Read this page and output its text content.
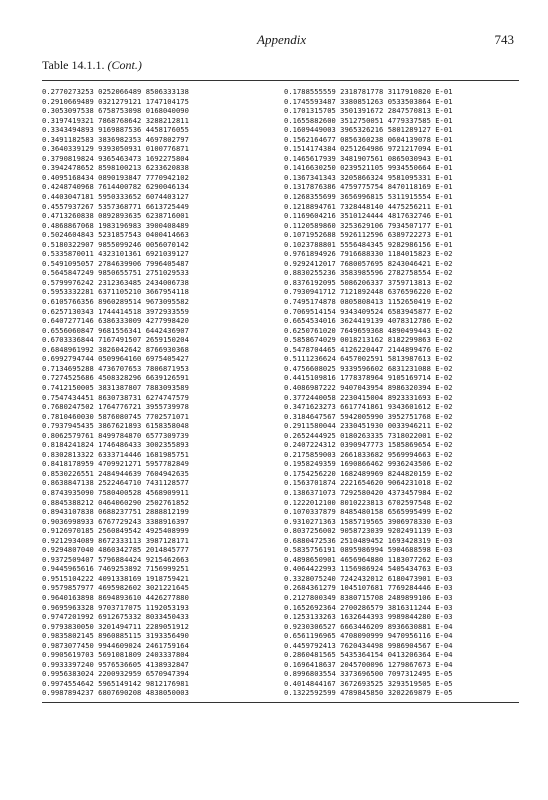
Appendix	743
Table 14.1.1. (Cont.)
0.2770273253 0252066489 8506333138
0.2910669489 0321279121 1747104175
0.3053097538 6758753098 0168040090
0.3197419321 7868768642 3288212811
0.3343494893 9169887536 4458176055
0.3491182583 3836982353 4697802797
0.3640339129 9393050931 0100776871
0.3790819824 9365463473 1692275804
0.3942478652 8598100213 6233620838
0.4095168434 0890193847 7770942102
0.4248740968 7614400782 6290046134
0.4403047181 5950333652 6074403127
0.4557937267 5357368771 6613725449
0.4713260838 0892893635 6238716001
0.4868867068 1983196983 3900408489
0.5024604843 5231857543 0400414663
0.5180322907 9855099246 0056070142
0.5335870011 4323101361 6921039127
0.5491095057 2784639906 7996405487
0.5645847249 9850655751 2751029533
0.5799976242 2312363485 2434006738
0.5953332281 6371105210 3667954118
0.6105766356 8960289514 9673095582
0.6257130343 1744414518 3972933559
0.6407277146 6386333009 4277998420
0.6556060847 9681556341 6442436907
0.6703336844 7167491507 2659150204
0.6848961992 3826042642 8766930368
0.6992794744 0509964160 6975405427
0.7134695288 4736707653 7806871953
0.7274525686 4508328296 6639126591
0.7412150005 3831387807 7883093589
0.7547434451 8630738731 6274747579
0.7680247502 1764776721 3955739978
0.7810460030 5876080745 7702571071
0.7937945435 3867621893 6158358048
0.8062579761 8499784870 6577309739
0.8184241824 1746486433 3002355893
0.8302813322 6333714446 1681985751
0.8418178959 4709921271 5957782849
0.8530226551 2484944639 7604942635
0.8638847138 2522464710 7431128577
0.8743935090 7580400528 4568909911
0.8845388212 0464060290 2502761852
0.8943107838 0688237751 2888812199
0.9036998933 6767729243 3388916397
0.9126970185 2560849542 4925408999
0.9212934089 8672333113 3987128171
0.9294807040 4860342785 2014845777
0.9372509407 5796884424 9215462663
0.9445965616 7469253892 7156999251
0.9515104222 4091338169 1918759421
0.9579857977 4695982602 3021221645
0.9640163898 8694893610 4426277880
0.9695963328 9703717075 1192053193
0.9747201992 6912675332 8033450433
0.9793830050 3201494711 2289051912
0.9835802145 8960885115 3193356490
0.9873077450 9944609024 2461759164
0.9905619703 5691081809 2403337804
0.9933397240 9576536605 4138932847
0.9956383024 2200932959 6570947394
0.9974554642 5965149142 9812176981
0.9987894237 6807690208 4838050003
0.1788555559 2318781778 3117910820 E-01
0.1745593487 3380851263 0533503864 E-01
0.1701315705 3501391672 2847570813 E-01
0.1655882600 3512750051 4779337585 E-01
0.1609449003 3965326216 5801289127 E-01
0.1562164677 0856360238 0604139078 E-01
0.1514174384 0251264986 9721217094 E-01
0.1465617939 3481907561 0865030943 E-01
0.1416630250 0239521105 9934550664 E-01
0.1367341343 3205866324 9581095331 E-01
0.1317876386 4759775754 8470118169 E-01
0.1268355699 3656996815 5311915554 E-01
0.1218894761 7328448140 4475256211 E-01
0.1169604216 3510124444 4817632746 E-01
0.1120589860 3253629106 7934507177 E-01
0.1071952688 5926112596 6389722273 E-01
0.1023788801 5556484345 9282986156 E-01
0.9761894926 7916688330 1184015823 E-02
0.9292412017 7680057695 8243046421 E-02
0.8830255236 3583985596 2782758554 E-02
0.8376192095 5086206337 3759713813 E-02
0.7930941712 7121892448 6376596220 E-02
0.7495174878 0805808413 1152650419 E-02
0.7069514154 9343409524 6583945877 E-02
0.6654534016 3624419139 4078312786 E-02
0.6250761020 7649659368 4890499443 E-02
0.5858674029 0018213162 8182299863 E-02
0.5478704465 4126220447 2144899476 E-02
0.5111236624 6457002591 5813987613 E-02
0.4756608025 9339596602 6831231088 E-02
0.4415109816 1778378964 9105169714 E-02
0.4086987222 9407043954 8986320394 E-02
0.3772440058 2230415004 8923331693 E-02
0.3471623273 6617741861 9343601612 E-02
0.3184647567 5942005990 3952751768 E-02
0.2911580044 2330451930 0033946211 E-02
0.2652444925 0180263335 7318022001 E-02
0.2407224312 0390947773 1585869654 E-02
0.2175859003 2661833682 9569994663 E-02
0.1958249359 1690866462 9936243506 E-02
0.1754256220 1682489969 8244820159 E-02
0.1563701874 2221654620 9064231018 E-02
0.1386371073 7292580420 4373457984 E-02
0.1222012100 8010223813 6702597548 E-02
0.1070337879 8485480158 6565995499 E-02
0.9310271363 1585719565 3906978330 E-03
0.8037256002 9058723039 9202491139 E-03
0.6880472536 2510489452 1693428319 E-03
0.5835756191 0895986994 5904688598 E-03
0.4898650901 4656964880 1183077262 E-03
0.4064422993 1156986924 5405434763 E-03
0.3328075240 7242432012 6180473901 E-03
0.2684361279 1045107681 7769284446 E-03
0.2127800349 8380715708 2489899106 E-03
0.1652692364 2700286579 3816311244 E-03
0.1253133263 1632644393 9989844280 E-03
0.9230306527 6663446209 8936630881 E-04
0.6561196965 4708090999 9470956116 E-04
0.4459792413 7620434498 9986904567 E-04
0.2860481565 5435364154 0413206364 E-04
0.1696418637 2045700096 1279867673 E-04
0.8996803554 3373696500 7097312495 E-05
0.4014844167 3672693525 3293519505 E-05
0.1322592599 4789845850 3202269879 E-05
